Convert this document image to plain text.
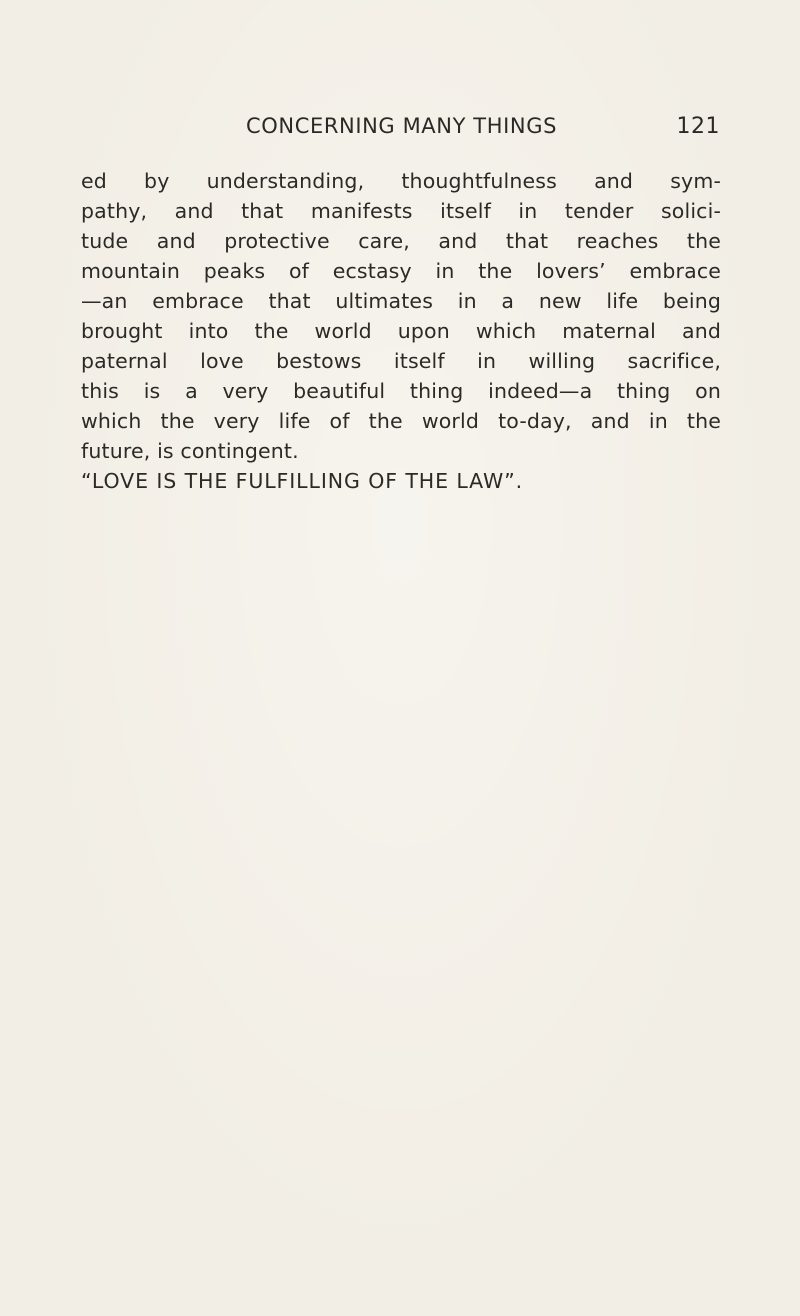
CONCERNING MANY THINGS	121
ed by understanding, thoughtfulness and sym-
pathy, and that manifests itself in tender solici-
tude and protective care, and that reaches the
mountain peaks of ecstasy in the lovers’ embrace
—an embrace that ultimates in a new life being
brought into the world upon which maternal and
paternal love bestows itself in willing sacrifice,
this is a very beautiful thing indeed—a thing on
which the very life of the world to-day, and in the
future, is contingent.
“LOVE IS THE FULFILLING OF THE LAW”.
